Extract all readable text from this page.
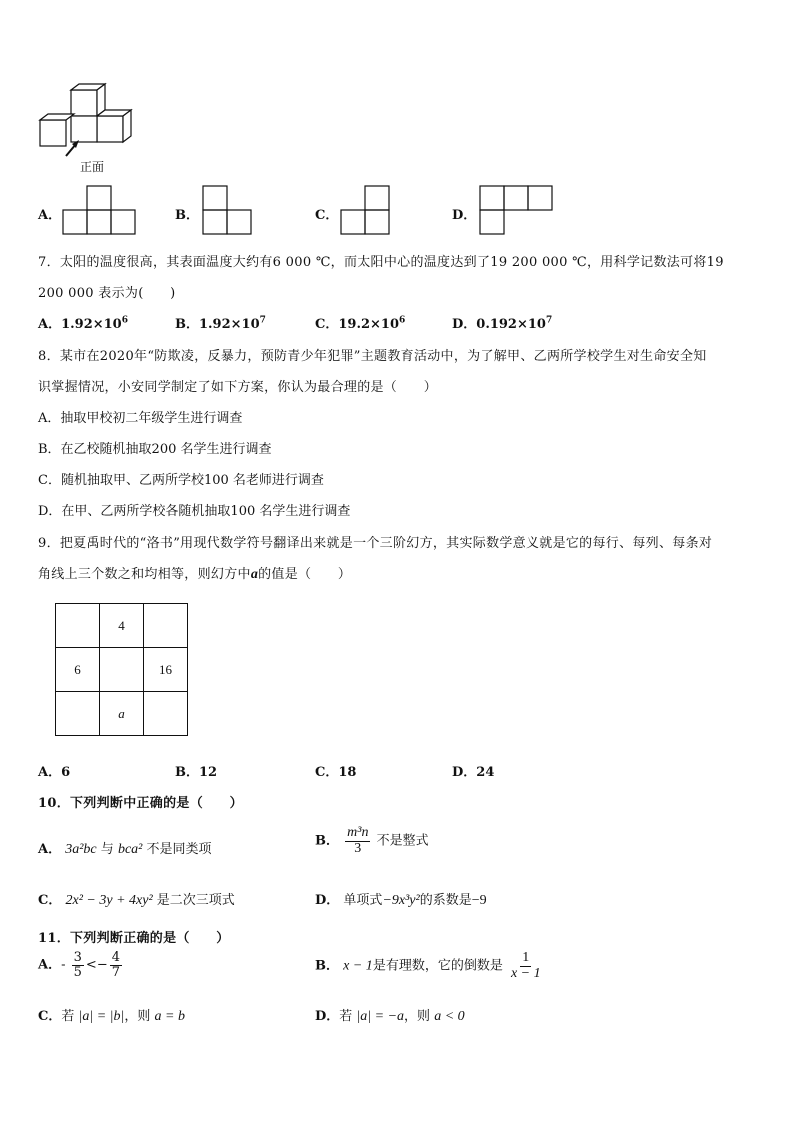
正面
A．	B．	C．	D．
7．太阳的温度很高，其表面温度大约有6 000 ℃，而太阳中心的温度达到了19 200 000 ℃，用科学记数法可将19
200 000 表示为(　　)
A．$1.92\times 10^6$	B．$1.92\times 10^7$	C．$19.2\times 10^6$	D．$0.192\times 10^7$
8．某市在2020年“防欺凌，反暴力，预防青少年犯罪”主题教育活动中，为了解甲、乙两所学校学生对生命安全知
识掌握情况，小安同学制定了如下方案，你认为最合理的是（　　）
A．抽取甲校初二年级学生进行调查
B．在乙校随机抽取200 名学生进行调查
C．随机抽取甲、乙两所学校100 名老师进行调查
D．在甲、乙两所学校各随机抽取100 名学生进行调查
9．把夏禹时代的“洛书”用现代数学符号翻译出来就是一个三阶幻方，其实际数学意义就是它的每行、每列、每条对
角线上三个数之和均相等，则幻方中a的值是（　　）
	4	
6		16
	a	
A．6	B．12	C．18	D．24
10．下列判断中正确的是（　　）
A． 3a²bc 与 bca² 不是同类项
B． $\frac{\text{m³n}}{3}$ 不是整式
C． 2x² − 3y + 4xy² 是二次三项式	D． 单项式−9x³y²的系数是−9
11．下列判断正确的是（　　）
A．- $\frac{3}{5} <- \frac{4}{7}$	B． x − 1是有理数，它的倒数是 $\frac{1}{x - 1}$
C．若 |a| = |b|，则 a = b	D．若 |a| = −a，则 a < 0
